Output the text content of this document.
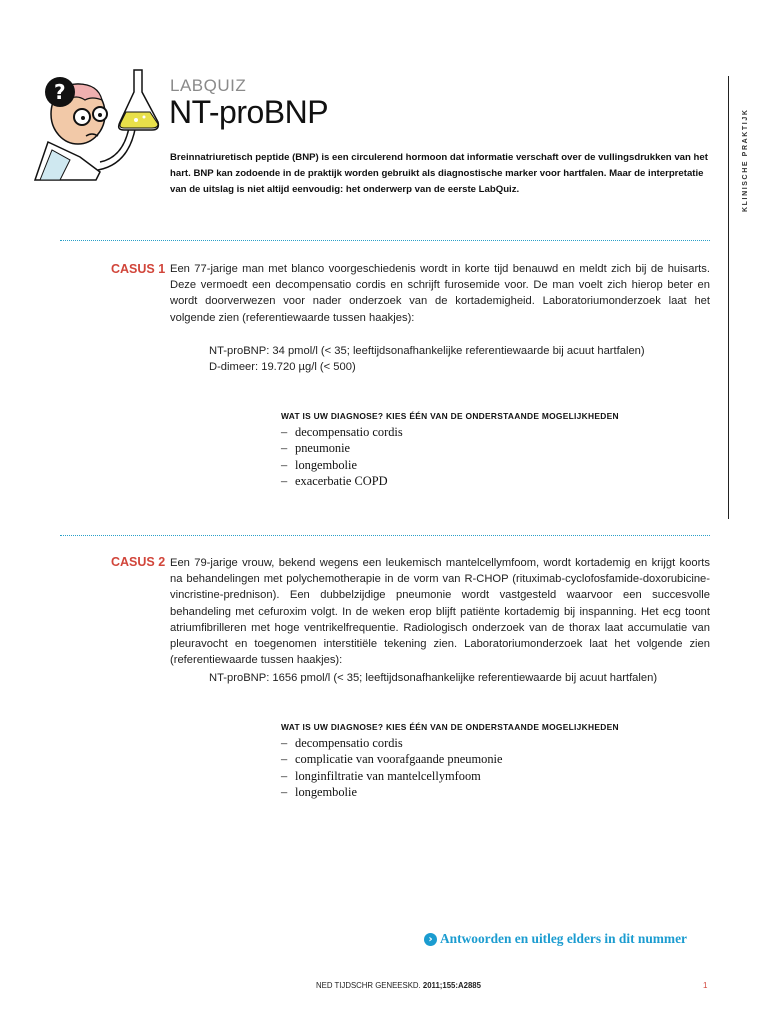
?	LABQUIZ
NT-proBNP
Breinnatriuretisch peptide (BNP) is een circulerend hormoon dat informatie verschaft over de vullingsdrukken van het hart. BNP kan zodoende in de praktijk worden gebruikt als diagnostische marker voor hartfalen. Maar de interpretatie van de uitslag is niet altijd eenvoudig: het onderwerp van de eerste LabQuiz.	KLINISCHE PRAKTIJK
CASUS 1 Een 77-jarige man met blanco voorgeschiedenis wordt in korte tijd benauwd en meldt zich bij de huisarts. Deze vermoedt een decompensatio cordis en schrijft furosemide voor. De man voelt zich hierop beter en wordt doorverwezen voor nader onderzoek van de kortademigheid. Laboratoriumonderzoek laat het volgende zien (referentiewaarde tussen haakjes):
NT-proBNP: 34 pmol/l (< 35; leeftijdsonafhankelijke referentiewaarde bij acuut hartfalen)
D-dimeer: 19.720 µg/l (< 500)
WAT IS UW DIAGNOSE? KIES ÉÉN VAN DE ONDERSTAANDE MOGELIJKHEDEN
– decompensatio cordis
– pneumonie
– longembolie
– exacerbatie COPD
CASUS 2 Een 79-jarige vrouw, bekend wegens een leukemisch mantelcellymfoom, wordt kortademig en krijgt koorts na behandelingen met polychemotherapie in de vorm van R-CHOP (rituximab-cyclofosfamide-doxorubicine-vincristine-prednison). Een dubbelzijdige pneumonie wordt vastgesteld waarvoor een succesvolle behandeling met cefuroxim volgt. In de weken erop blijft patiënte kortademig bij inspanning. Het ecg toont atriumfibrilleren met hoge ventrikelfrequentie. Radiologisch onderzoek van de thorax laat accumulatie van pleuravocht en toegenomen interstitiële tekening zien. Laboratoriumonderzoek laat het volgende zien (referentiewaarde tussen haakjes):
NT-proBNP: 1656 pmol/l (< 35; leeftijdsonafhankelijke referentiewaarde bij acuut hartfalen)
WAT IS UW DIAGNOSE? KIES ÉÉN VAN DE ONDERSTAANDE MOGELIJKHEDEN
– decompensatio cordis
– complicatie van voorafgaande pneumonie
– longinfiltratie van mantelcellymfoom
– longembolie
› Antwoorden en uitleg elders in dit nummer
NED TIJDSCHR GENEESKD. 2011;155:A2885	1
